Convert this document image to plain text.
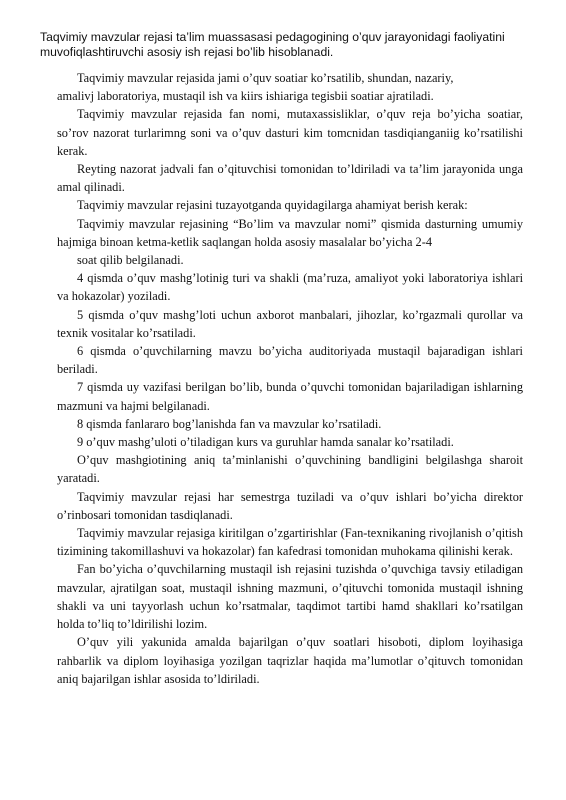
Taqvimiy mavzular rejasi ta’lim muassasasi pedagogining o’quv jarayonidagi faoliyatini muvofiqlashtiruvchi asosiy ish rejasi bo’lib hisoblanadi.

Taqvimiy mavzular rejasida jami o’quv soatiar ko’rsatilib, shundan, nazariy,

amalivj laboratoriya, mustaqil ish va kiirs ishiariga tegisbii soatiar ajratiladi.

Taqvimiy mavzular rejasida fan nomi, mutaxassisliklar, o’quv reja bo’yicha soatiar, so’rov nazorat turlarimng soni va o’quv dasturi kim tomcnidan tasdiqianganiig ko’rsatilishi kerak.

Reyting nazorat jadvali fan o’qituvchisi tomonidan to’ldiriladi va ta’lim jarayonida unga amal qilinadi.

Taqvimiy mavzular rejasini tuzayotganda quyidagilarga ahamiyat berish kerak:

Taqvimiy mavzular rejasining “Bo’lim va mavzular nomi” qismida dasturning umumiy hajmiga binoan ketma-ketlik saqlangan holda asosiy masalalar bo’yicha 2-4

soat qilib belgilanadi.

4 qismda o’quv mashg’lotinig turi va shakli (ma’ruza, amaliyot yoki laboratoriya ishlari va hokazolar) yoziladi.

5 qismda o’quv mashg’loti uchun axborot manbalari, jihozlar, ko’rgazmali qurollar va texnik vositalar ko’rsatiladi.

6 qismda o’quvchilarning mavzu bo’yicha auditoriyada mustaqil bajaradigan ishlari beriladi.

7 qismda uy vazifasi berilgan bo’lib, bunda o’quvchi tomonidan bajariladigan ishlarning mazmuni va hajmi belgilanadi.

8 qismda fanlararo bog’lanishda fan va mavzular ko’rsatiladi.

9 o’quv mashg’uloti o’tiladigan kurs va guruhlar hamda sanalar ko’rsatiladi.

O’quv mashgiotining aniq ta’minlanishi o’quvchining bandligini belgilashga sharoit yaratadi.

Taqvimiy mavzular rejasi har semestrga tuziladi va o’quv ishlari bo’yicha direktor o’rinbosari tomonidan tasdiqlanadi.

Taqvimiy mavzular rejasiga kiritilgan o’zgartirishlar (Fan-texnikaning rivojlanish o’qitish tizimining takomillashuvi va hokazolar) fan kafedrasi tomonidan muhokama qilinishi kerak.

Fan bo’yicha o’quvchilarning mustaqil ish rejasini tuzishda o’quvchiga tavsiy etiladigan mavzular, ajratilgan soat, mustaqil ishning mazmuni, o’qituvchi tomonida mustaqil ishning shakli va uni tayyorlash uchun ko’rsatmalar, taqdimot tartibi hamd shakllari ko’rsatilgan holda to’liq to’ldirilishi lozim.

O’quv yili yakunida amalda bajarilgan o’quv soatlari hisoboti, diplom loyihasiga rahbarlik va diplom loyihasiga yozilgan taqrizlar haqida ma’lumotlar o’qituvch tomonidan aniq bajarilgan ishlar asosida to’ldiriladi.
